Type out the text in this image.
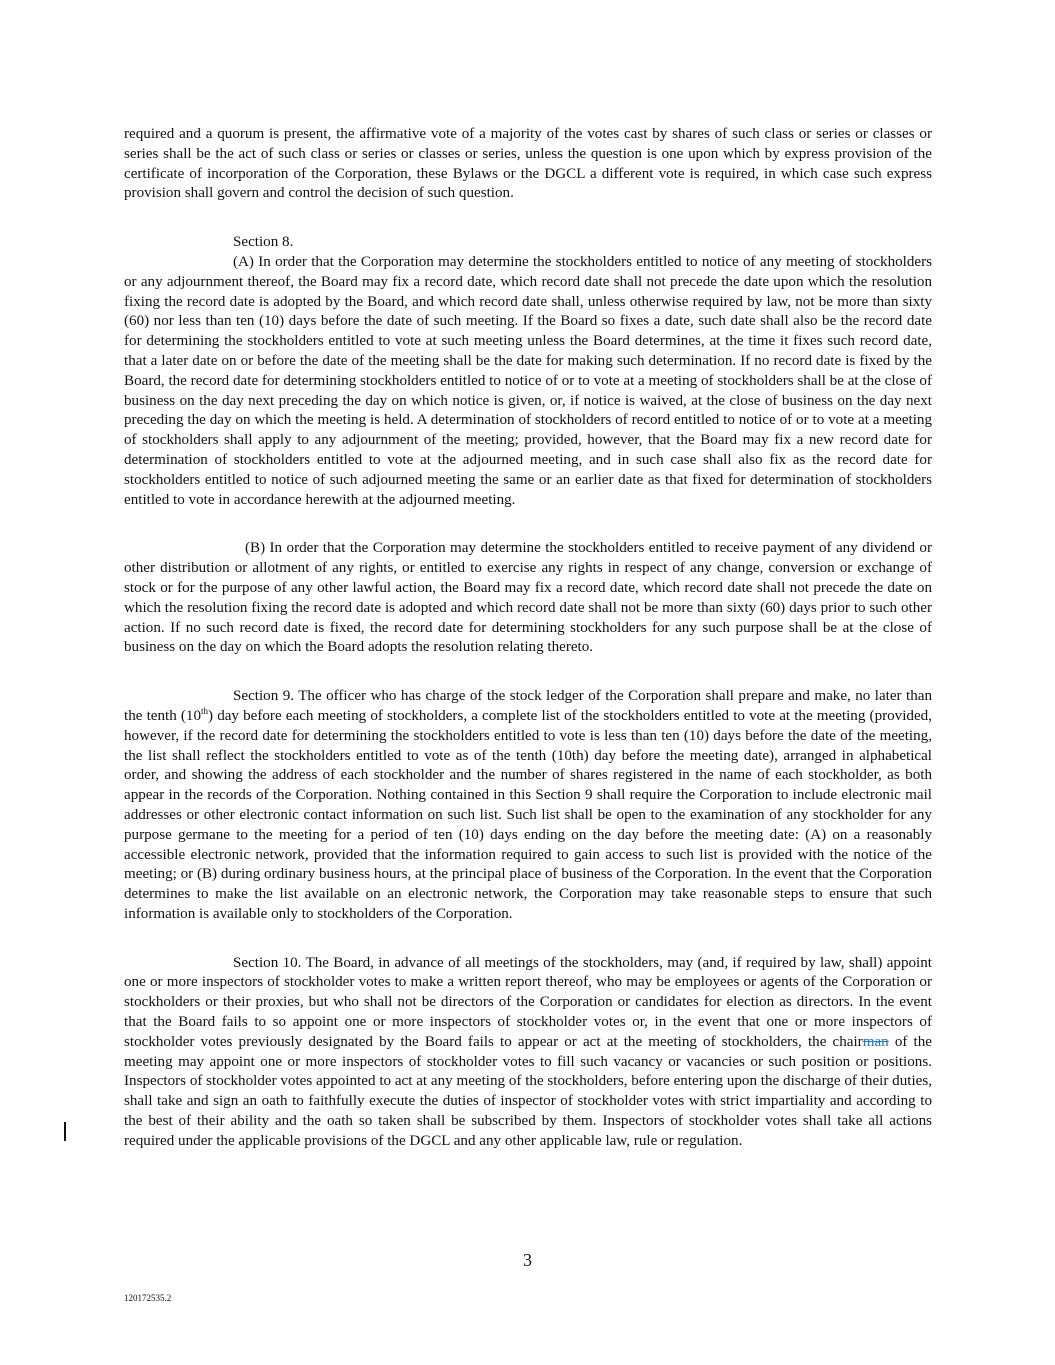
required and a quorum is present, the affirmative vote of a majority of the votes cast by shares of such class or series or classes or series shall be the act of such class or series or classes or series, unless the question is one upon which by express provision of the certificate of incorporation of the Corporation, these Bylaws or the DGCL a different vote is required, in which case such express provision shall govern and control the decision of such question.

Section 8.

(A) In order that the Corporation may determine the stockholders entitled to notice of any meeting of stockholders or any adjournment thereof, the Board may fix a record date, which record date shall not precede the date upon which the resolution fixing the record date is adopted by the Board, and which record date shall, unless otherwise required by law, not be more than sixty (60) nor less than ten (10) days before the date of such meeting. If the Board so fixes a date, such date shall also be the record date for determining the stockholders entitled to vote at such meeting unless the Board determines, at the time it fixes such record date, that a later date on or before the date of the meeting shall be the date for making such determination. If no record date is fixed by the Board, the record date for determining stockholders entitled to notice of or to vote at a meeting of stockholders shall be at the close of business on the day next preceding the day on which notice is given, or, if notice is waived, at the close of business on the day next preceding the day on which the meeting is held. A determination of stockholders of record entitled to notice of or to vote at a meeting of stockholders shall apply to any adjournment of the meeting; provided, however, that the Board may fix a new record date for determination of stockholders entitled to vote at the adjourned meeting, and in such case shall also fix as the record date for stockholders entitled to notice of such adjourned meeting the same or an earlier date as that fixed for determination of stockholders entitled to vote in accordance herewith at the adjourned meeting.

(B) In order that the Corporation may determine the stockholders entitled to receive payment of any dividend or other distribution or allotment of any rights, or entitled to exercise any rights in respect of any change, conversion or exchange of stock or for the purpose of any other lawful action, the Board may fix a record date, which record date shall not precede the date on which the resolution fixing the record date is adopted and which record date shall not be more than sixty (60) days prior to such other action. If no such record date is fixed, the record date for determining stockholders for any such purpose shall be at the close of business on the day on which the Board adopts the resolution relating thereto.

Section 9. The officer who has charge of the stock ledger of the Corporation shall prepare and make, no later than the tenth (10th) day before each meeting of stockholders, a complete list of the stockholders entitled to vote at the meeting (provided, however, if the record date for determining the stockholders entitled to vote is less than ten (10) days before the date of the meeting, the list shall reflect the stockholders entitled to vote as of the tenth (10th) day before the meeting date), arranged in alphabetical order, and showing the address of each stockholder and the number of shares registered in the name of each stockholder, as both appear in the records of the Corporation. Nothing contained in this Section 9 shall require the Corporation to include electronic mail addresses or other electronic contact information on such list. Such list shall be open to the examination of any stockholder for any purpose germane to the meeting for a period of ten (10) days ending on the day before the meeting date: (A) on a reasonably accessible electronic network, provided that the information required to gain access to such list is provided with the notice of the meeting; or (B) during ordinary business hours, at the principal place of business of the Corporation. In the event that the Corporation determines to make the list available on an electronic network, the Corporation may take reasonable steps to ensure that such information is available only to stockholders of the Corporation.

Section 10. The Board, in advance of all meetings of the stockholders, may (and, if required by law, shall) appoint one or more inspectors of stockholder votes to make a written report thereof, who may be employees or agents of the Corporation or stockholders or their proxies, but who shall not be directors of the Corporation or candidates for election as directors. In the event that the Board fails to so appoint one or more inspectors of stockholder votes or, in the event that one or more inspectors of stockholder votes previously designated by the Board fails to appear or act at the meeting of stockholders, the chairman of the meeting may appoint one or more inspectors of stockholder votes to fill such vacancy or vacancies or such position or positions. Inspectors of stockholder votes appointed to act at any meeting of the stockholders, before entering upon the discharge of their duties, shall take and sign an oath to faithfully execute the duties of inspector of stockholder votes with strict impartiality and according to the best of their ability and the oath so taken shall be subscribed by them. Inspectors of stockholder votes shall take all actions required under the applicable provisions of the DGCL and any other applicable law, rule or regulation.

3
120172535.2
